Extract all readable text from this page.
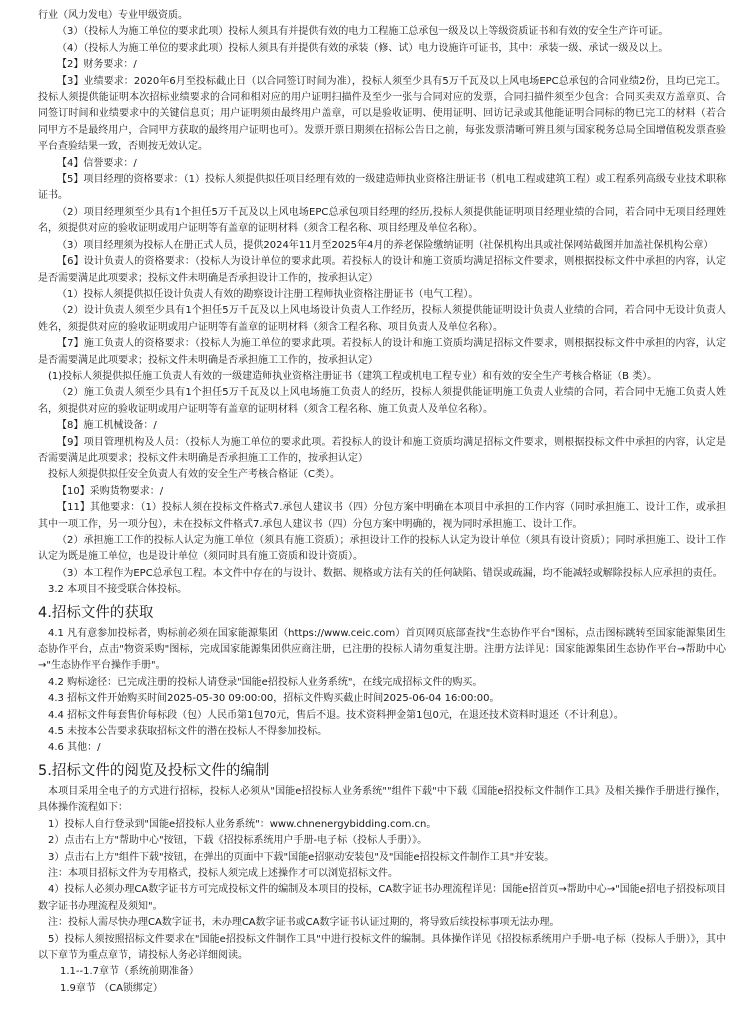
行业（风力发电）专业甲级资质。

（3）（投标人为施工单位的要求此项）投标人须具有并提供有效的电力工程施工总承包一级及以上等级资质证书和有效的安全生产许可证。

（4）（投标人为施工单位的要求此项）投标人须具有并提供有效的承装（修、试）电力设施许可证书，其中：承装一级、承试一级及以上。

【2】财务要求：/

【3】业绩要求：2020年6月至投标截止日（以合同签订时间为准），投标人须至少具有5万千瓦及以上风电场EPC总承包的合同业绩2份，且均已完工。投标人须提供能证明本次招标业绩要求的合同和相对应的用户证明扫描件及至少一张与合同对应的发票，合同扫描件须至少包含：合同买卖双方盖章页、合同签订时间和业绩要求中的关键信息页；用户证明须由最终用户盖章，可以是验收证明、使用证明、回访记录或其他能证明合同标的物已完工的材料（若合同甲方不是最终用户，合同甲方获取的最终用户证明也可）。发票开票日期须在招标公告日之前，每张发票清晰可辨且须与国家税务总局全国增值税发票查验平台查验结果一致，否则按无效认定。

【4】信誉要求：/

【5】项目经理的资格要求：（1）投标人须提供拟任项目经理有效的一级建造师执业资格注册证书（机电工程或建筑工程）或工程系列高级专业技术职称证书。

（2）项目经理须至少具有1个担任5万千瓦及以上风电场EPC总承包项目经理的经历,投标人须提供能证明项目经理业绩的合同，若合同中无项目经理姓名，须提供对应的验收证明或用户证明等有盖章的证明材料（须含工程名称、项目经理及单位名称）。

（3）项目经理须为投标人在册正式人员，提供2024年11月至2025年4月的养老保险缴纳证明（社保机构出具或社保网站截图并加盖社保机构公章）

【6】设计负责人的资格要求：（投标人为设计单位的要求此项。若投标人的设计和施工资质均满足招标文件要求，则根据投标文件中承担的内容，认定是否需要满足此项要求；投标文件未明确是否承担设计工作的，按承担认定）

（1）投标人须提供拟任设计负责人有效的勘察设计注册工程师执业资格注册证书（电气工程）。

（2）设计负责人须至少具有1个担任5万千瓦及以上风电场设计负责人工作经历，投标人须提供能证明设计负责人业绩的合同，若合同中无设计负责人姓名，须提供对应的验收证明或用户证明等有盖章的证明材料（须含工程名称、项目负责人及单位名称）。

【7】施工负责人的资格要求：（投标人为施工单位的要求此项。若投标人的设计和施工资质均满足招标文件要求，则根据投标文件中承担的内容，认定是否需要满足此项要求；投标文件未明确是否承担施工工作的，按承担认定）

(1)投标人须提供拟任施工负责人有效的一级建造师执业资格注册证书（建筑工程或机电工程专业）和有效的安全生产考核合格证（B 类）。

（2）施工负责人须至少具有1个担任5万千瓦及以上风电场施工负责人的经历，投标人须提供能证明施工负责人业绩的合同，若合同中无施工负责人姓名，须提供对应的验收证明或用户证明等有盖章的证明材料（须含工程名称、施工负责人及单位名称）。

【8】施工机械设备：/

【9】项目管理机构及人员：（投标人为施工单位的要求此项。若投标人的设计和施工资质均满足招标文件要求，则根据投标文件中承担的内容，认定是否需要满足此项要求；投标文件未明确是否承担施工工作的，按承担认定）

投标人须提供拟任安全负责人有效的安全生产考核合格证（C类）。

【10】采购货物要求：/

【11】其他要求：（1）投标人须在投标文件格式7.承包人建议书（四）分包方案中明确在本项目中承担的工作内容（同时承担施工、设计工作，或承担其中一项工作，另一项分包），未在投标文件格式7.承包人建议书（四）分包方案中明确的，视为同时承担施工、设计工作。

（2）承担施工工作的投标人认定为施工单位（须具有施工资质）；承担设计工作的投标人认定为设计单位（须具有设计资质）；同时承担施工、设计工作认定为既是施工单位，也是设计单位（须同时具有施工资质和设计资质）。

（3）本工程作为EPC总承包工程。本文件中存在的与设计、数据、规格或方法有关的任何缺陷、错误或疏漏，均不能减轻或解除投标人应承担的责任。

3.2 本项目不接受联合体投标。

4.招标文件的获取

4.1 凡有意参加投标者，购标前必须在国家能源集团（https://www.ceic.com）首页网页底部查找"生态协作平台"图标，点击图标跳转至国家能源集团生态协作平台，点击"物资采购"图标，完成国家能源集团供应商注册，已注册的投标人请勿重复注册。注册方法详见：国家能源集团生态协作平台→帮助中心→"生态协作平台操作手册"。

4.2 购标途径：已完成注册的投标人请登录"国能e招投标人业务系统"，在线完成招标文件的购买。

4.3 招标文件开始购买时间2025-05-30 09:00:00，招标文件购买截止时间2025-06-04 16:00:00。

4.4 招标文件每套售价每标段（包）人民币第1包70元，售后不退。技术资料押金第1包0元，在退还技术资料时退还（不计利息）。

4.5 未按本公告要求获取招标文件的潜在投标人不得参加投标。

4.6 其他：/

5.招标文件的阅览及投标文件的编制

本项目采用全电子的方式进行招标，投标人必须从"国能e招投标人业务系统""组件下载"中下载《国能e招投标文件制作工具》及相关操作手册进行操作，具体操作流程如下：

1）投标人自行登录到"国能e招投标人业务系统"：www.chnenergybidding.com.cn。

2）点击右上方"帮助中心"按钮，下载《招投标系统用户手册-电子标（投标人手册）》。

3）点击右上方"组件下载"按钮，在弹出的页面中下载"国能e招驱动安装包"及"国能e招投标文件制作工具"并安装。

注：本项目招标文件为专用格式，投标人须完成上述操作才可以浏览招标文件。

4）投标人必须办理CA数字证书方可完成投标文件的编制及本项目的投标，CA数字证书办理流程详见：国能e招首页→帮助中心→"国能e招电子招投标项目数字证书办理流程及须知"。

注：投标人需尽快办理CA数字证书，未办理CA数字证书或CA数字证书认证过期的，将导致后续投标事项无法办理。

5）投标人须按照招标文件要求在"国能e招投标文件制作工具"中进行投标文件的编制。具体操作详见《招投标系统用户手册-电子标（投标人手册）》，其中以下章节为重点章节，请投标人务必详细阅读。

1.1--1.7章节（系统前期准备）

1.9章节 （CA锁绑定）
